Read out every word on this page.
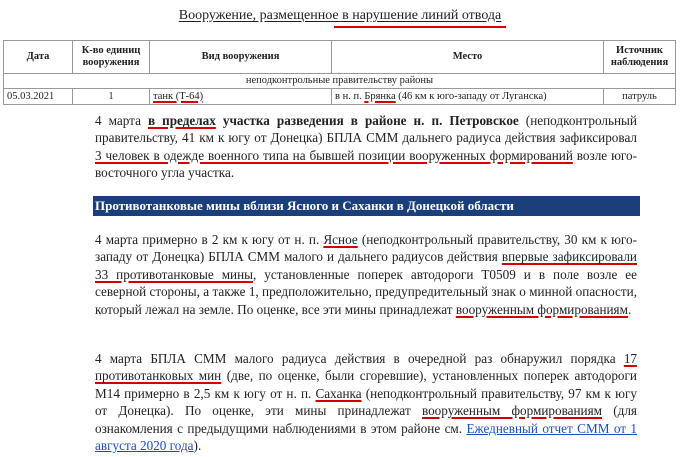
Вооружение, размещенное в нарушение линий отвода
Дата	К-во единиц вооружения	Вид вооружения	Место	Источник наблюдения
неподконтрольные правительству районы				
05.03.2021	1	танк (Т-64)	в н. п. Брянка (46 км к юго-западу от Луганска)	патруль
4 марта в пределах участка разведения в районе н. п. Петровское (неподконтрольный правительству, 41 км к югу от Донецка) БПЛА СММ дальнего радиуса действия зафиксировал 3 человек в одежде военного типа на бывшей позиции вооруженных формирований возле юго-восточного угла участка.
Противотанковые мины вблизи Ясного и Саханки в Донецкой области
4 марта примерно в 2 км к югу от н. п. Ясное (неподконтрольный правительству, 30 км к юго-западу от Донецка) БПЛА СММ малого и дальнего радиусов действия впервые зафиксировали 33 противотанковые мины, установленные поперек автодороги Т0509 и в поле возле ее северной стороны, а также 1, предположительно, предупредительный знак о минной опасности, который лежал на земле. По оценке, все эти мины принадлежат вооруженным формированиям.
4 марта БПЛА СММ малого радиуса действия в очередной раз обнаружил порядка 17 противотанковых мин (две, по оценке, были сгоревшие), установленных поперек автодороги М14 примерно в 2,5 км к югу от н. п. Саханка (неподконтрольный правительству, 97 км к югу от Донецка). По оценке, эти мины принадлежат вооруженным формированиям (для ознакомления с предыдущими наблюдениями в этом районе см. Ежедневный отчет СММ от 1 августа 2020 года).
